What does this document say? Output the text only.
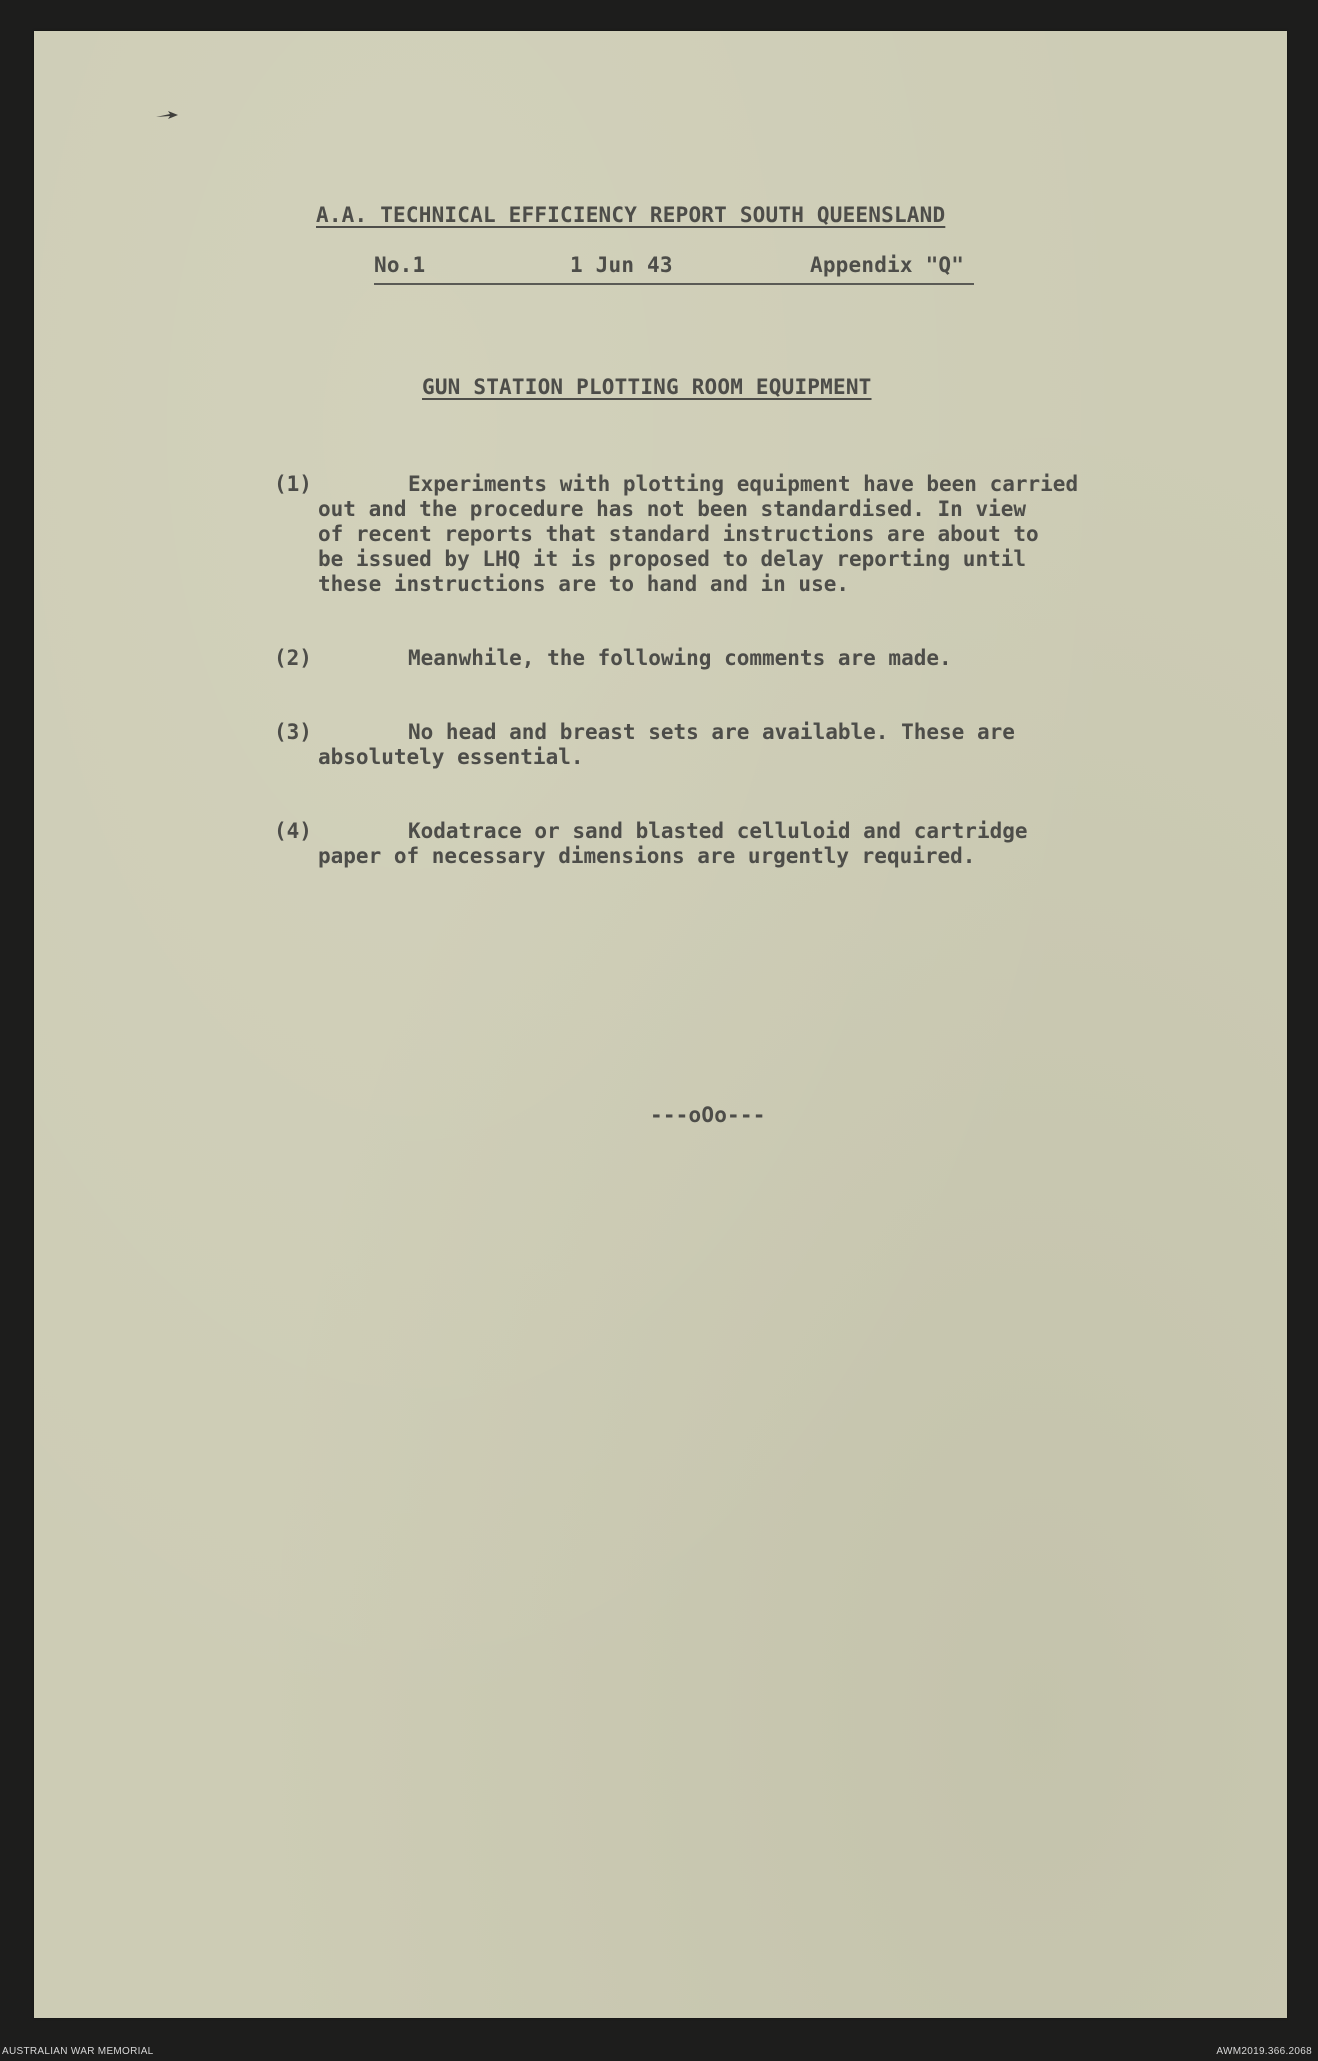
A.A. TECHNICAL EFFICIENCY REPORT SOUTH QUEENSLAND
No.1	1 Jun 43	Appendix "Q"
GUN STATION PLOTTING ROOM EQUIPMENT
(1)	Experiments with plotting equipment have been carried
out and the procedure has not been standardised. In view
of recent reports that standard instructions are about to
be issued by LHQ it is proposed to delay reporting until
these instructions are to hand and in use.
(2)	Meanwhile, the following comments are made.
(3)	No head and breast sets are available. These are
absolutely essential.
(4)	Kodatrace or sand blasted celluloid and cartridge
paper of necessary dimensions are urgently required.
---oOo---
AUSTRALIAN WAR MEMORIAL	AWM2019.366.2068
